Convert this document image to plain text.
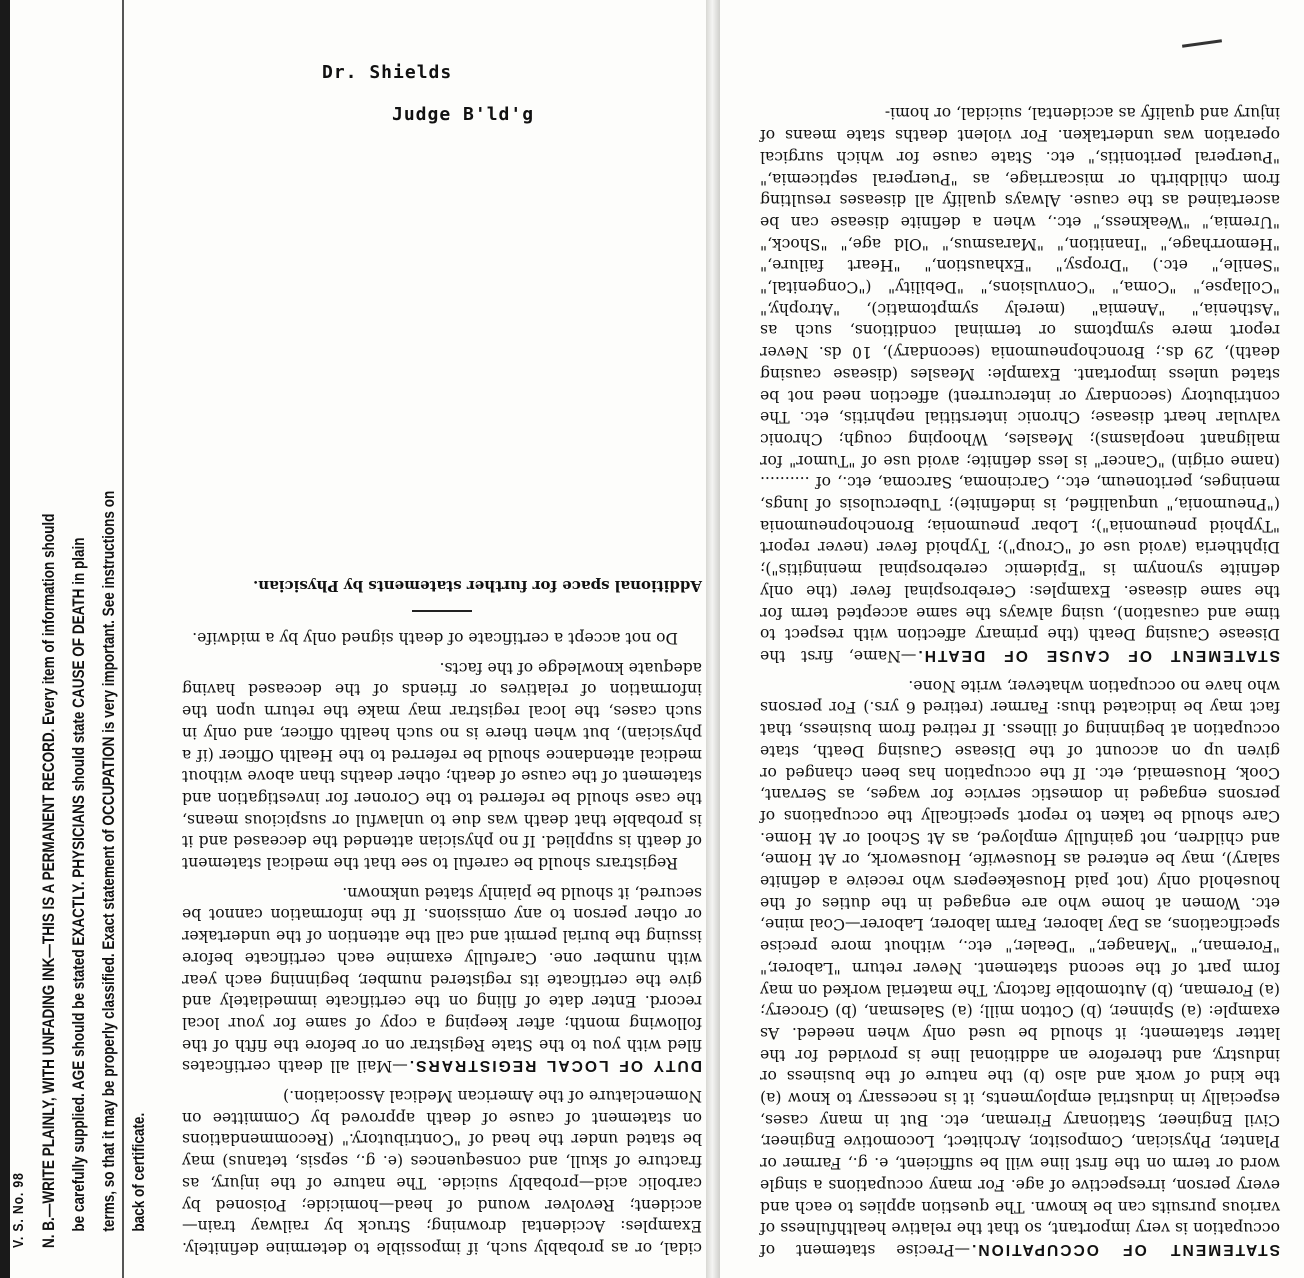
V. S. No. 98 N. B.—WRITE PLAINLY, WITH UNFADING INK—THIS IS A PERMANENT RECORD. Every item of information should be carefully supplied. AGE should be stated EXACTLY. PHYSICIANS should state CAUSE OF DEATH in plain terms, so that it may be properly classified. Exact statement of OCCUPATION is very important. See instructions on back of certificate.
Dr. Shields
Judge B'ld'g

cidal, or as probably such, if impossible to determine definitely. Examples: Accidental drowning; Struck by railway train—accident; Revolver wound of head—homicide; Poisoned by carbolic acid—probably suicide. The nature of the injury, as fracture of skull, and consequences (e. g., sepsis, tetanus) may be stated under the head of "Contributory." (Recommendations on statement of cause of death approved by Committee on Nomenclature of the American Medical Association.)

DUTY OF LOCAL REGISTRARS.—Mail all death certificates filed with you to the State Registrar on or before the fifth of the following month; after keeping a copy of same for your local record. Enter date of filing on the certificate immediately and give the certificate its registered number, beginning each year with number one. Carefully examine each certificate before issuing the burial permit and call the attention of the undertaker or other person to any omissions. If the information cannot be secured, it should be plainly stated unknown.

Registrars should be careful to see that the medical statement of death is supplied. If no physician attended the deceased and it is probable that death was due to unlawful or suspicious means, the case should be referred to the Coroner for investigation and statement of the cause of death; other deaths than above without medical attendance should be referred to the Health Officer (if a physician), but when there is no such health officer, and only in such cases, the local registrar may make the return upon the information of relatives or friends of the deceased having adequate knowledge of the facts.

Do not accept a certificate of death signed only by a midwife.

Additional space for further statements by Physician.

STATEMENT OF OCCUPATION.—Precise statement of occupation is very important, so that the relative healthfulness of various pursuits can be known. The question applies to each and every person, irrespective of age. For many occupations a single word or term on the first line will be sufficient, e. g., Farmer or Planter, Physician, Compositor, Architect, Locomotive Engineer, Civil Engineer, Stationary Fireman, etc. But in many cases, especially in industrial employments, it is necessary to know (a) the kind of work and also (b) the nature of the business or industry, and therefore an additional line is provided for the latter statement; it should be used only when needed. As example: (a) Spinner, (b) Cotton mill; (a) Salesman, (b) Grocery; (a) Foreman, (b) Automobile factory. The material worked on may form part of the second statement. Never return "Laborer," "Foreman," "Manager," "Dealer," etc., without more precise specifications, as Day laborer, Farm laborer, Laborer—Coal mine, etc. Women at home who are engaged in the duties of the household only (not paid Housekeepers who receive a definite salary), may be entered as Housewife, Housework, or At Home, and children, not gainfully employed, as At School or At Home. Care should be taken to report specifically the occupations of persons engaged in domestic service for wages, as Servant, Cook, Housemaid, etc. If the occupation has been changed or given up on account of the Disease Causing Death, state occupation at beginning of illness. If retired from business, that fact may be indicated thus: Farmer (retired 6 yrs.) For persons who have no occupation whatever, write None.

STATEMENT OF CAUSE OF DEATH.—Name, first the Disease Causing Death (the primary affection with respect to time and causation), using always the same accepted term for the same disease. Examples: Cerebrospinal fever (the only definite synonym is "Epidemic cerebrospinal meningitis"); Diphtheria (avoid use of "Croup"); Typhoid fever (never report "Typhoid pneumonia"); Lobar pneumonia; Bronchopneumonia ("Pneumonia," unqualified, is indefinite); Tuberculosis of lungs, meninges, peritoneum, etc., Carcinoma, Sarcoma, etc., of .......... (name origin) "Cancer" is less definite; avoid use of "Tumor" for malignant neoplasms); Measles, Whooping cough; Chronic valvular heart disease; Chronic interstitial nephritis, etc. The contributory (secondary or intercurrent) affection need not be stated unless important. Example: Measles (disease causing death), 29 ds.; Bronchopneumonia (secondary), 10 ds. Never report mere symptoms or terminal conditions, such as "Asthenia," "Anemia" (merely symptomatic), "Atrophy," "Collapse," "Coma," "Convulsions," "Debility" ("Congenital," "Senile," etc.) "Dropsy," "Exhaustion," "Heart failure," "Hemorrhage," "Inanition," "Marasmus," "Old age," "Shock," "Uremia," "Weakness," etc., when a definite disease can be ascertained as the cause. Always qualify all diseases resulting from childbirth or miscarriage, as "Puerperal septicemia," "Puerperal peritonitis," etc. State cause for which surgical operation was undertaken. For violent deaths state means of injury and qualify as accidental, suicidal, or homi-
